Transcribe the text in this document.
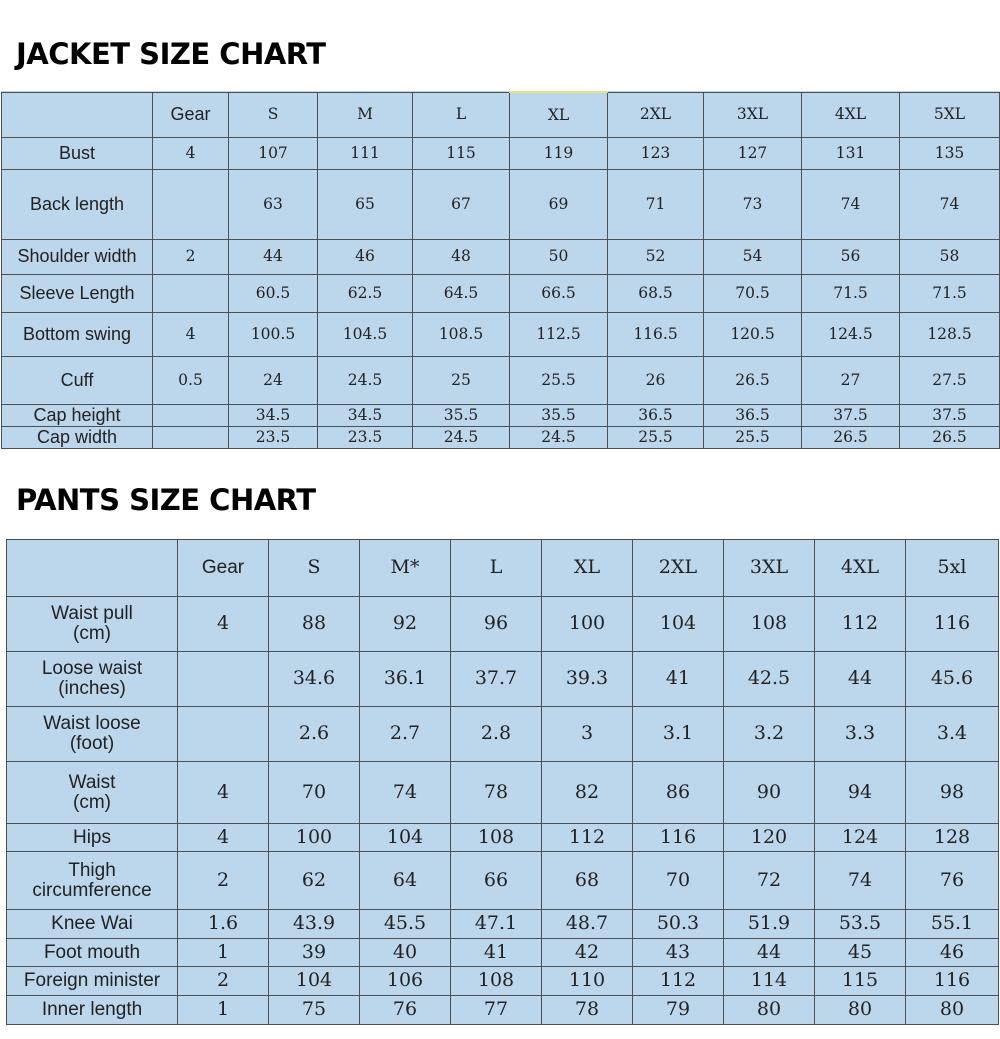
JACKET SIZE CHART
	Gear	S	M	L	XL	2XL	3XL	4XL	5XL
Bust	4	107	111	115	119	123	127	131	135
Back length		63	65	67	69	71	73	74	74
Shoulder width	2	44	46	48	50	52	54	56	58
Sleeve Length		60.5	62.5	64.5	66.5	68.5	70.5	71.5	71.5
Bottom swing	4	100.5	104.5	108.5	112.5	116.5	120.5	124.5	128.5
Cuff	0.5	24	24.5	25	25.5	26	26.5	27	27.5
Cap height		34.5	34.5	35.5	35.5	36.5	36.5	37.5	37.5
Cap width		23.5	23.5	24.5	24.5	25.5	25.5	26.5	26.5
PANTS SIZE CHART
	Gear	S	M*	L	XL	2XL	3XL	4XL	5xl
Waist pull
(cm)	4	88	92	96	100	104	108	112	116
Loose waist
(inches)		34.6	36.1	37.7	39.3	41	42.5	44	45.6
Waist loose
(foot)		2.6	2.7	2.8	3	3.1	3.2	3.3	3.4
Waist
(cm)	4	70	74	78	82	86	90	94	98
Hips	4	100	104	108	112	116	120	124	128
Thigh
circumference	2	62	64	66	68	70	72	74	76
Knee Wai	1.6	43.9	45.5	47.1	48.7	50.3	51.9	53.5	55.1
Foot mouth	1	39	40	41	42	43	44	45	46
Foreign minister	2	104	106	108	110	112	114	115	116
Inner length	1	75	76	77	78	79	80	80	80
